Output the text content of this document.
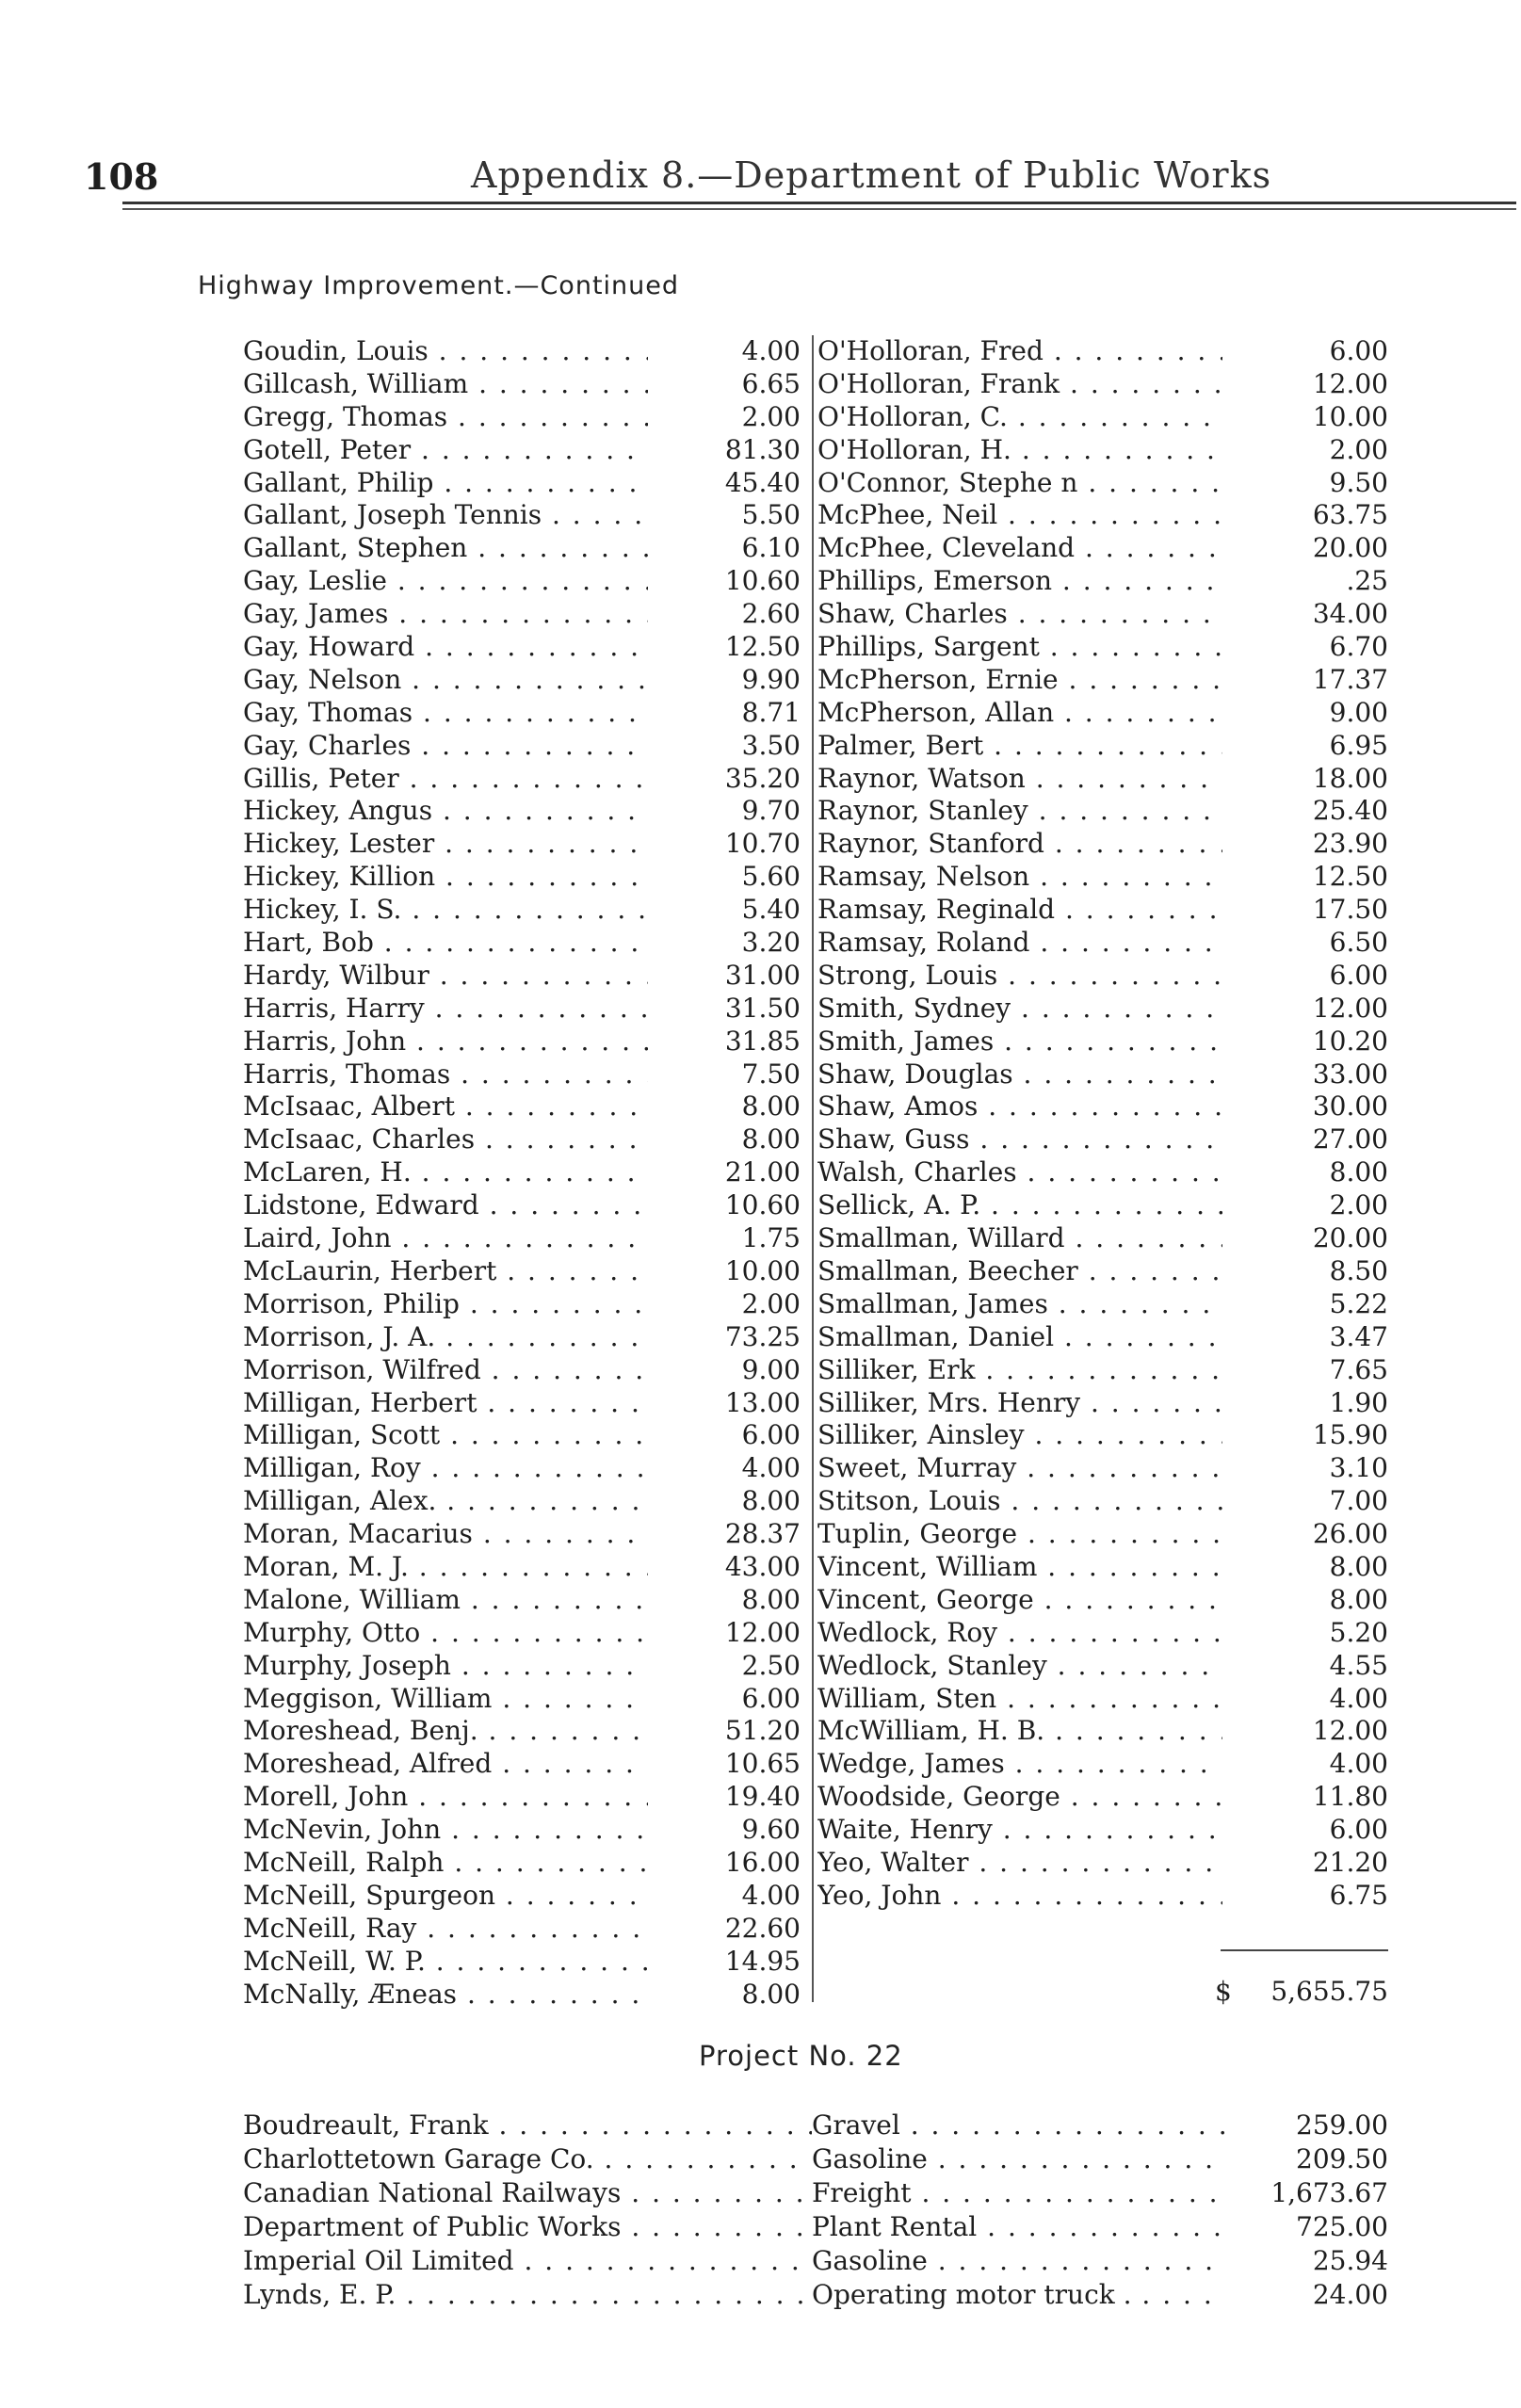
108	Appendix 8.—Department of Public Works
Highway Improvement.—Continued
Goudin, Louis . . .	4.00
Gillcash, William . . .	6.65
Gregg, Thomas . . .	2.00
Gotell, Peter . . .	81.30
Gallant, Philip . . .	45.40
Gallant, Joseph Tennis . . .	5.50
Gallant, Stephen . . .	6.10
Gay, Leslie . . .	10.60
Gay, James . . .	2.60
Gay, Howard . . .	12.50
Gay, Nelson . . .	9.90
Gay, Thomas . . .	8.71
Gay, Charles . . .	3.50
Gillis, Peter . . .	35.20
Hickey, Angus . . .	9.70
Hickey, Lester . . .	10.70
Hickey, Killion . . .	5.60
Hickey, I. S. . . .	5.40
Hart, Bob . . .	3.20
Hardy, Wilbur . . .	31.00
Harris, Harry . . .	31.50
Harris, John . . .	31.85
Harris, Thomas . . .	7.50
McIsaac, Albert . . .	8.00
McIsaac, Charles . . .	8.00
McLaren, H. . . .	21.00
Lidstone, Edward . . .	10.60
Laird, John . . .	1.75
McLaurin, Herbert . . .	10.00
Morrison, Philip . . .	2.00
Morrison, J. A. . . .	73.25
Morrison, Wilfred . . .	9.00
Milligan, Herbert . . .	13.00
Milligan, Scott . . .	6.00
Milligan, Roy . . .	4.00
Milligan, Alex. . . .	8.00
Moran, Macarius . . .	28.37
Moran, M. J. . . .	43.00
Malone, William . . .	8.00
Murphy, Otto . . .	12.00
Murphy, Joseph . . .	2.50
Meggison, William . . .	6.00
Moreshead, Benj. . . .	51.20
Moreshead, Alfred . . .	10.65
Morell, John . . .	19.40
McNevin, John . . .	9.60
McNeill, Ralph . . .	16.00
McNeill, Spurgeon . . .	4.00
McNeill, Ray . . .	22.60
McNeill, W. P. . . .	14.95
McNally, Æneas . . .	8.00
O'Holloran, Fred . . .	6.00
O'Holloran, Frank . . .	12.00
O'Holloran, C. . . .	10.00
O'Holloran, H. . . .	2.00
O'Connor, Stephe n . . .	9.50
McPhee, Neil . . .	63.75
McPhee, Cleveland . . .	20.00
Phillips, Emerson . . .	.25
Shaw, Charles . . .	34.00
Phillips, Sargent . . .	6.70
McPherson, Ernie . . .	17.37
McPherson, Allan . . .	9.00
Palmer, Bert . . .	6.95
Raynor, Watson . . .	18.00
Raynor, Stanley . . .	25.40
Raynor, Stanford . . .	23.90
Ramsay, Nelson . . .	12.50
Ramsay, Reginald . . .	17.50
Ramsay, Roland . . .	6.50
Strong, Louis . . .	6.00
Smith, Sydney . . .	12.00
Smith, James . . .	10.20
Shaw, Douglas . . .	33.00
Shaw, Amos . . .	30.00
Shaw, Guss . . .	27.00
Walsh, Charles . . .	8.00
Sellick, A. P. . . .	2.00
Smallman, Willard . . .	20.00
Smallman, Beecher . . .	8.50
Smallman, James . . .	5.22
Smallman, Daniel . . .	3.47
Silliker, Erk . . .	7.65
Silliker, Mrs. Henry . . .	1.90
Silliker, Ainsley . . .	15.90
Sweet, Murray . . .	3.10
Stitson, Louis . . .	7.00
Tuplin, George . . .	26.00
Vincent, William . . .	8.00
Vincent, George . . .	8.00
Wedlock, Roy . . .	5.20
Wedlock, Stanley . . .	4.55
William, Sten . . .	4.00
McWilliam, H. B. . . .	12.00
Wedge, James . . .	4.00
Woodside, George . . .	11.80
Waite, Henry . . .	6.00
Yeo, Walter . . .	21.20
Yeo, John . . .	6.75
$ 5,655.75
Project No. 22
Boudreault, Frank . . .	Gravel . . .	259.00
Charlottetown Garage Co. . . .	Gasoline . . .	209.50
Canadian National Railways . . .	Freight . . .	1,673.67
Department of Public Works . . .	Plant Rental . . .	725.00
Imperial Oil Limited . . .	Gasoline . . .	25.94
Lynds, E. P. . . .	Operating motor truck . . . .	24.00
